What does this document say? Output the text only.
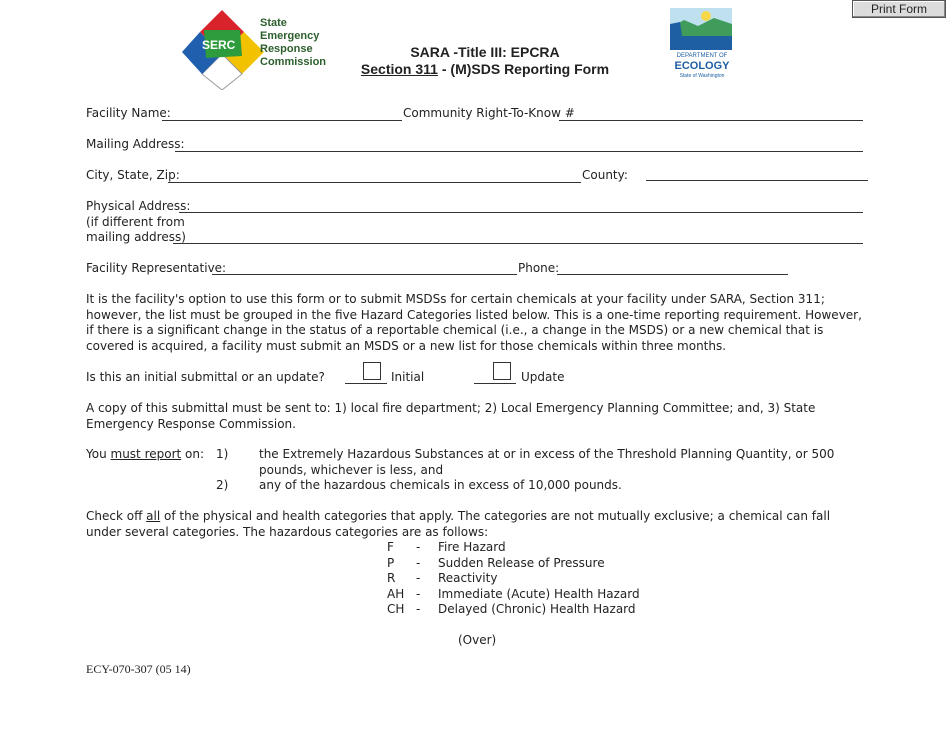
Print Form
SERC
State
Emergency
Response
Commission
SARA -Title III: EPCRA
Section 311 - (M)SDS Reporting Form
DEPARTMENT OF
ECOLOGY
State of Washington
Facility Name:	Community Right-To-Know #
Mailing Address:
City, State, Zip:	County:
Physical Address:
(if different from
mailing address)
Facility Representative:	Phone:
It is the facility's option to use this form or to submit MSDSs for certain chemicals at your facility under SARA, Section 311; however, the list must be grouped in the five Hazard Categories listed below. This is a one-time reporting requirement. However, if there is a significant change in the status of a reportable chemical (i.e., a change in the MSDS) or a new chemical that is covered is acquired, a facility must submit an MSDS or a new list for those chemicals within three months.
Is this an initial submittal or an update?	Initial	Update
A copy of this submittal must be sent to: 1) local fire department; 2) Local Emergency Planning Committee; and, 3) State Emergency Response Commission.
You must report on: 1)	the Extremely Hazardous Substances at or in excess of the Threshold Planning Quantity, or 500 pounds, whichever is less, and
2)	any of the hazardous chemicals in excess of 10,000 pounds.
Check off all of the physical and health categories that apply. The categories are not mutually exclusive; a chemical can fall under several categories. The hazardous categories are as follows:
F - Fire Hazard
P - Sudden Release of Pressure
R - Reactivity
AH - Immediate (Acute) Health Hazard
CH - Delayed (Chronic) Health Hazard
(Over)
ECY-070-307 (05 14)
